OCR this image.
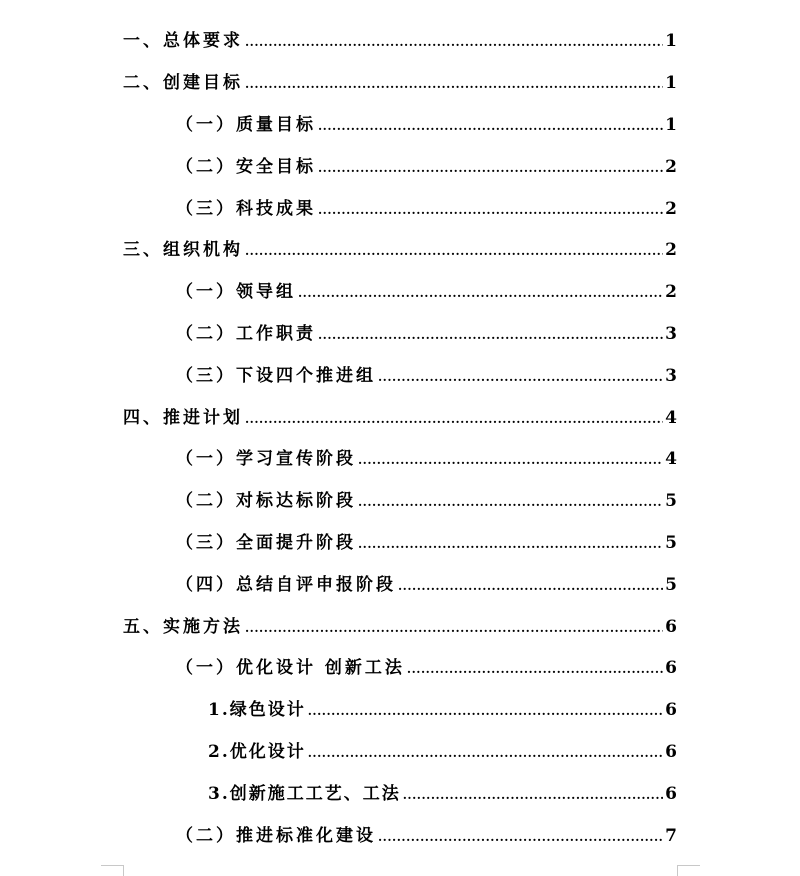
一、总体要求 .....	1
二、创建目标 .....	1
（一）质量目标 .....	1
（二）安全目标 .....	2
（三）科技成果 .....	2
三、组织机构 .....	2
（一）领导组 .....	2
（二）工作职责 .....	3
（三）下设四个推进组 .....	3
四、推进计划 .....	4
（一）学习宣传阶段 .....	4
（二）对标达标阶段 .....	5
（三）全面提升阶段 .....	5
（四）总结自评申报阶段 .....	5
五、实施方法 .....	6
（一）优化设计 创新工法 .....	6
1.绿色设计 .....	6
2.优化设计 .....	6
3.创新施工工艺、工法 .....	6
（二）推进标准化建设 .....	7
